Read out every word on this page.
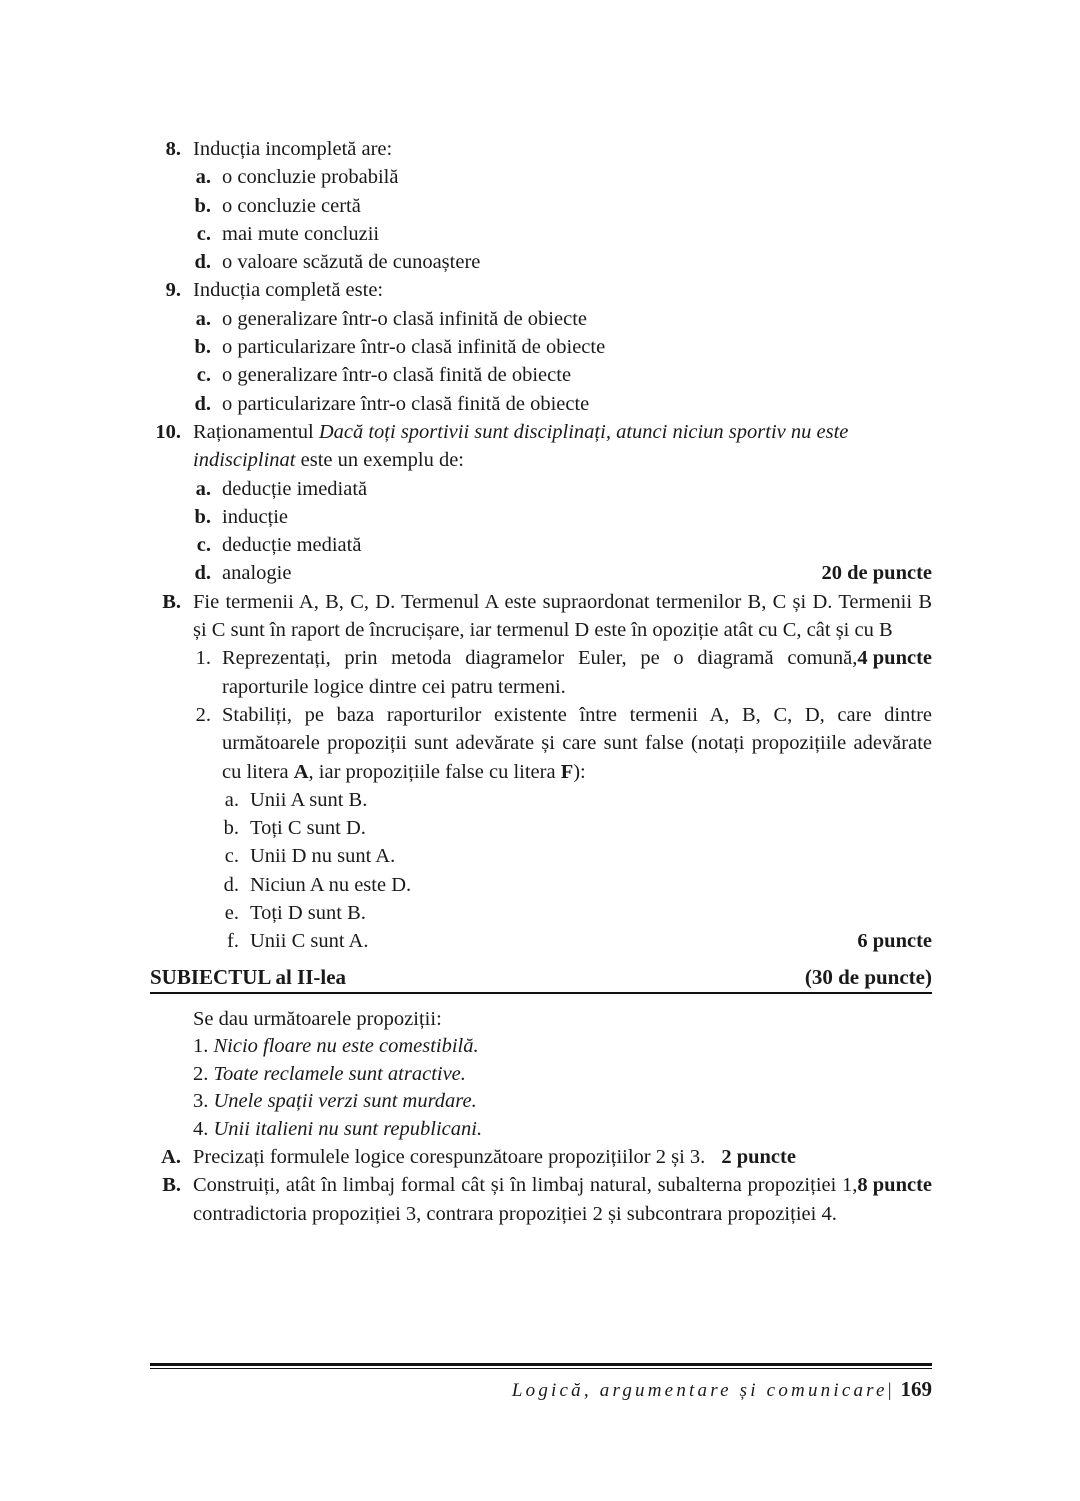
8. Inducția incompletă are:
a. o concluzie probabilă
b. o concluzie certă
c. mai mute concluzii
d. o valoare scăzută de cunoaștere
9. Inducția completă este:
a. o generalizare într-o clasă infinită de obiecte
b. o particularizare într-o clasă infinită de obiecte
c. o generalizare într-o clasă finită de obiecte
d. o particularizare într-o clasă finită de obiecte
10. Raționamentul Dacă toți sportivii sunt disciplinați, atunci niciun sportiv nu este indisciplinat este un exemplu de:
a. deducție imediată
b. inducție
c. deducție mediată
d.	20 de puncte
analogie
B. Fie termenii A, B, C, D. Termenul A este supraordonat termenilor B, C și D. Termenii B și C sunt în raport de încrucișare, iar termenul D este în opoziție atât cu C, cât și cu B
1.	4 puncte
Reprezentați, prin metoda diagramelor Euler, pe o diagramă comună, raporturile logice dintre cei patru termeni.
2. Stabiliți, pe baza raporturilor existente între termenii A, B, C, D, care dintre următoarele propoziții sunt adevărate și care sunt false (notați propozițiile adevărate cu litera A, iar propozițiile false cu litera F):
a. Unii A sunt B.
b. Toți C sunt D.
c. Unii D nu sunt A.
d. Niciun A nu este D.
e. Toți D sunt B.
f.	6 puncte
Unii C sunt A.
SUBIECTUL al II-lea	(30 de puncte)
Se dau următoarele propoziții:
1. Nicio floare nu este comestibilă.
2. Toate reclamele sunt atractive.
3. Unele spații verzi sunt murdare.
4. Unii italieni nu sunt republicani.
A. Precizați formulele logice corespunzătoare propozițiilor 2 și 3. 2 puncte
B.	8 puncte
Construiți, atât în limbaj formal cât și în limbaj natural, subalterna propoziției 1, contradictoria propoziției 3, contrara propoziției 2 și subcontrara propoziției 4.
Logică, argumentare și comunicare| 169
